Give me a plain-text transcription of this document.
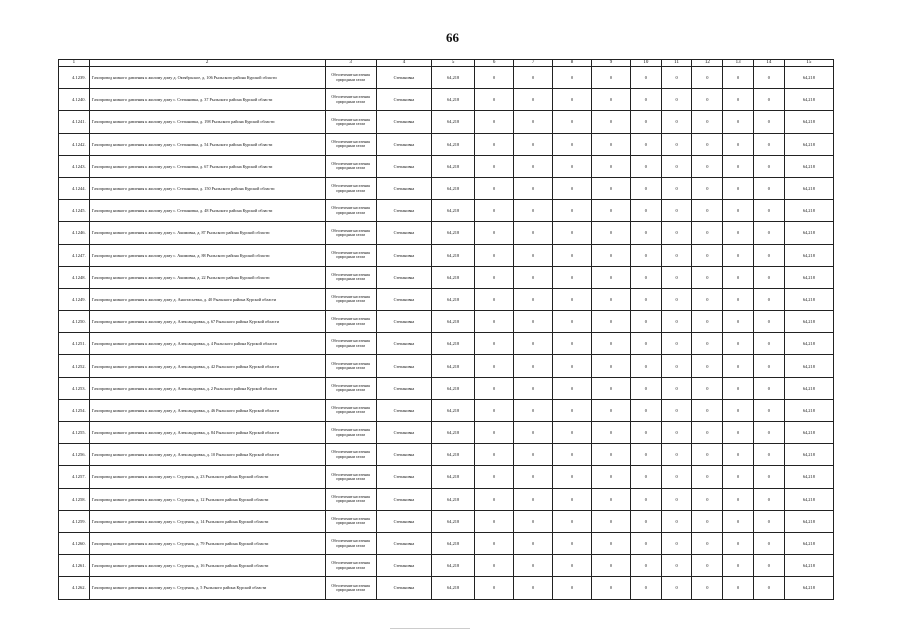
66
1	2	3	4	5	6	7	8	9	10	11	12	13	14	15
4.1239.	Газопровод низкого давления к жилому дому д. Октябрьское, д. 106 Рыльского района Курской области	Обеспечение населения природным газом	Степановка	64,218	0	0	0	0	0	0	0	0	0	64,218
4.1240.	Газопровод низкого давления к жилому дому с. Степановка, д. 37 Рыльского района Курской области	Обеспечение населения природным газом	Степановка	64,218	0	0	0	0	0	0	0	0	0	64,218
4.1241.	Газопровод низкого давления к жилому дому с. Степановка, д. 198 Рыльского района Курской области	Обеспечение населения природным газом	Степановка	64,218	0	0	0	0	0	0	0	0	0	64,218
4.1242.	Газопровод низкого давления к жилому дому с. Степановка, д. 54 Рыльского района Курской области	Обеспечение населения природным газом	Степановка	64,218	0	0	0	0	0	0	0	0	0	64,218
4.1243.	Газопровод низкого давления к жилому дому с. Степановка, д. 67 Рыльского района Курской области	Обеспечение населения природным газом	Степановка	64,218	0	0	0	0	0	0	0	0	0	64,218
4.1244.	Газопровод низкого давления к жилому дому с. Степановка, д. 150 Рыльского района Курской области	Обеспечение населения природным газом	Степановка	64,218	0	0	0	0	0	0	0	0	0	64,218
4.1245.	Газопровод низкого давления к жилому дому с. Степановка, д. 48 Рыльского района Курской области	Обеспечение населения природным газом	Степановка	64,218	0	0	0	0	0	0	0	0	0	64,218
4.1246.	Газопровод низкого давления к жилому дому с. Акимовка, д. 87 Рыльского района Курской области	Обеспечение населения природным газом	Степановка	64,218	0	0	0	0	0	0	0	0	0	64,218
4.1247.	Газопровод низкого давления к жилому дому с. Акимовка, д. 88 Рыльского района Курской области	Обеспечение населения природным газом	Степановка	64,218	0	0	0	0	0	0	0	0	0	64,218
4.1248.	Газопровод низкого давления к жилому дому с. Акимовка, д. 22 Рыльского района Курской области	Обеспечение населения природным газом	Степановка	64,218	0	0	0	0	0	0	0	0	0	64,218
4.1249.	Газопровод низкого давления к жилому дому д. Анастасьевка, д. 40 Рыльского района Курской области	Обеспечение населения природным газом	Степановка	64,218	0	0	0	0	0	0	0	0	0	64,218
4.1250.	Газопровод низкого давления к жилому дому д. Александровка, д. 67 Рыльского района Курской области	Обеспечение населения природным газом	Степановка	64,218	0	0	0	0	0	0	0	0	0	64,218
4.1251.	Газопровод низкого давления к жилому дому д. Александровка, д. 4 Рыльского района Курской области	Обеспечение населения природным газом	Степановка	64,218	0	0	0	0	0	0	0	0	0	64,218
4.1252.	Газопровод низкого давления к жилому дому д. Александровка, д. 42 Рыльского района Курской области	Обеспечение населения природным газом	Степановка	64,218	0	0	0	0	0	0	0	0	0	64,218
4.1253.	Газопровод низкого давления к жилому дому д. Александровка, д. 2 Рыльского района Курской области	Обеспечение населения природным газом	Степановка	64,218	0	0	0	0	0	0	0	0	0	64,218
4.1254.	Газопровод низкого давления к жилому дому д. Александровка, д. 46 Рыльского района Курской области	Обеспечение населения природным газом	Степановка	64,218	0	0	0	0	0	0	0	0	0	64,218
4.1255.	Газопровод низкого давления к жилому дому д. Александровка, д. 84 Рыльского района Курской области	Обеспечение населения природным газом	Степановка	64,218	0	0	0	0	0	0	0	0	0	64,218
4.1256.	Газопровод низкого давления к жилому дому д. Александровка, д. 10 Рыльского района Курской области	Обеспечение населения природным газом	Степановка	64,218	0	0	0	0	0	0	0	0	0	64,218
4.1257.	Газопровод низкого давления к жилому дому с. Студенок, д. 23 Рыльского района Курской области	Обеспечение населения природным газом	Степановка	64,218	0	0	0	0	0	0	0	0	0	64,218
4.1258.	Газопровод низкого давления к жилому дому с. Студенок, д. 12 Рыльского района Курской области	Обеспечение населения природным газом	Степановка	64,218	0	0	0	0	0	0	0	0	0	64,218
4.1259.	Газопровод низкого давления к жилому дому с. Студенок, д. 14 Рыльского района Курской области	Обеспечение населения природным газом	Степановка	64,218	0	0	0	0	0	0	0	0	0	64,218
4.1260.	Газопровод низкого давления к жилому дому с. Студенок, д. 79 Рыльского района Курской области	Обеспечение населения природным газом	Степановка	64,218	0	0	0	0	0	0	0	0	0	64,218
4.1261.	Газопровод низкого давления к жилому дому с. Студенок, д. 16 Рыльского района Курской области	Обеспечение населения природным газом	Степановка	64,218	0	0	0	0	0	0	0	0	0	64,218
4.1262.	Газопровод низкого давления к жилому дому с. Студенок, д. 5 Рыльского района Курской области	Обеспечение населения природным газом	Степановка	64,218	0	0	0	0	0	0	0	0	0	64,218
